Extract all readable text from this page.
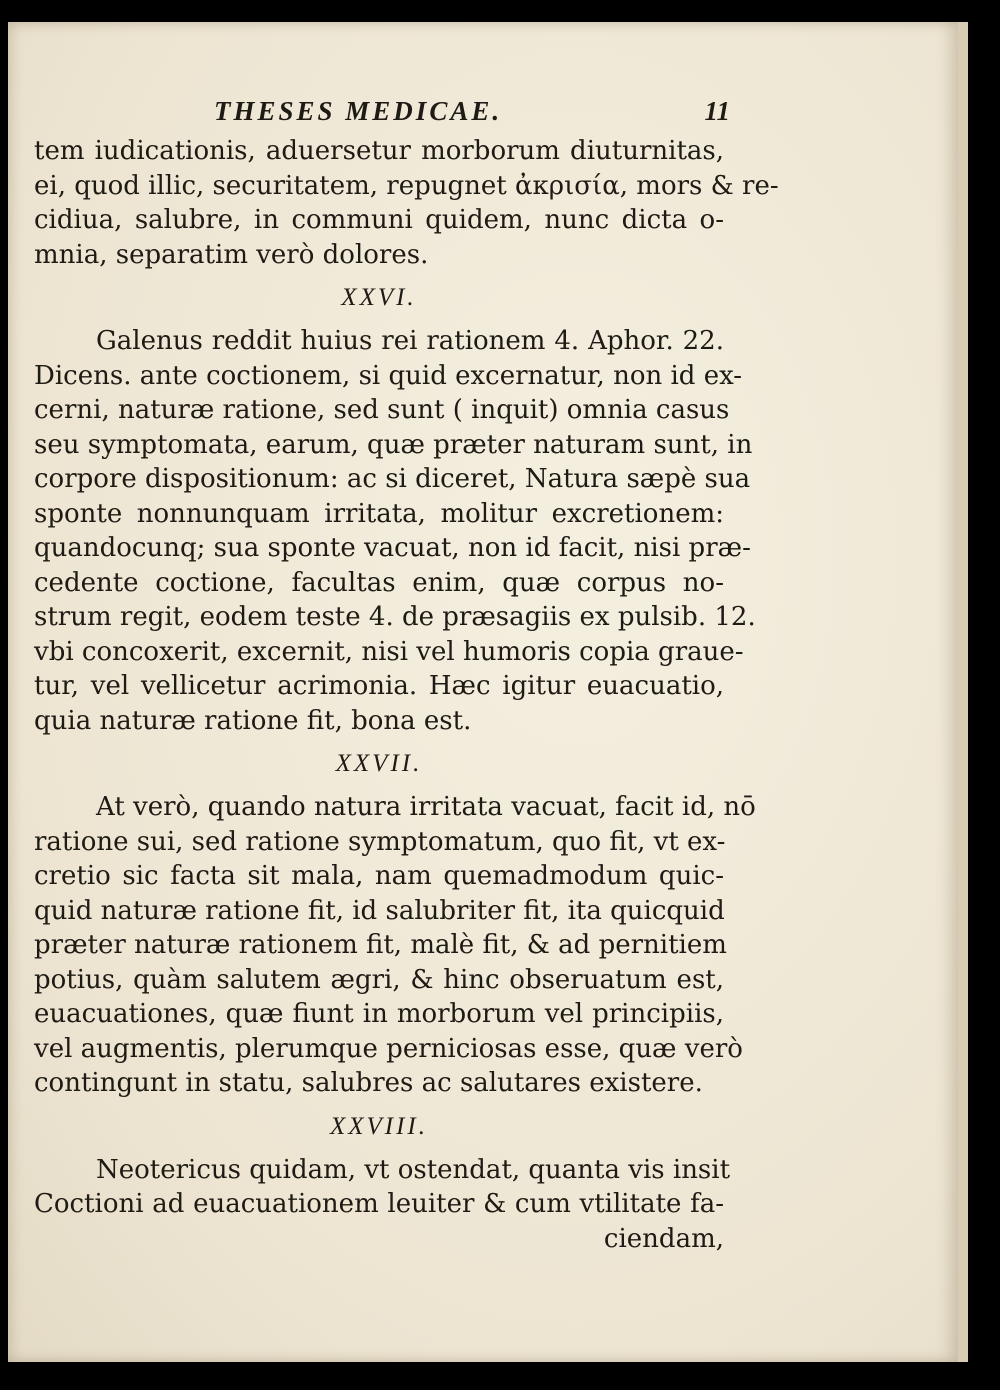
THESES MEDICAE.	11
tem iudicationis, aduersetur morborum diuturnitas,
ei, quod illic, securitatem, repugnet ἀκρισία, mors & re-
cidiua, salubre, in communi quidem, nunc dicta o-
mnia, separatim verò dolores.
XXVI.
Galenus reddit huius rei rationem 4. Aphor. 22.
Dicens. ante coctionem, si quid excernatur, non id ex-
cerni, naturæ ratione, sed sunt ( inquit) omnia casus
seu symptomata, earum, quæ præter naturam sunt, in
corpore dispositionum: ac si diceret, Natura sæpè sua
sponte nonnunquam irritata, molitur excretionem:
quandocunq; sua sponte vacuat, non id facit, nisi præ-
cedente coctione, facultas enim, quæ corpus no-
strum regit, eodem teste 4. de præsagiis ex pulsib. 12.
vbi concoxerit, excernit, nisi vel humoris copia graue-
tur, vel vellicetur acrimonia. Hæc igitur euacuatio,
quia naturæ ratione fit, bona est.
XXVII.
At verò, quando natura irritata vacuat, facit id, nō
ratione sui, sed ratione symptomatum, quo fit, vt ex-
cretio sic facta sit mala, nam quemadmodum quic-
quid naturæ ratione fit, id salubriter fit, ita quicquid
præter naturæ rationem fit, malè fit, & ad pernitiem
potius, quàm salutem ægri, & hinc obseruatum est,
euacuationes, quæ fiunt in morborum vel principiis,
vel augmentis, plerumque perniciosas esse, quæ verò
contingunt in statu, salubres ac salutares existere.
XXVIII.
Neotericus quidam, vt ostendat, quanta vis insit
Coctioni ad euacuationem leuiter & cum vtilitate fa-
ciendam,
